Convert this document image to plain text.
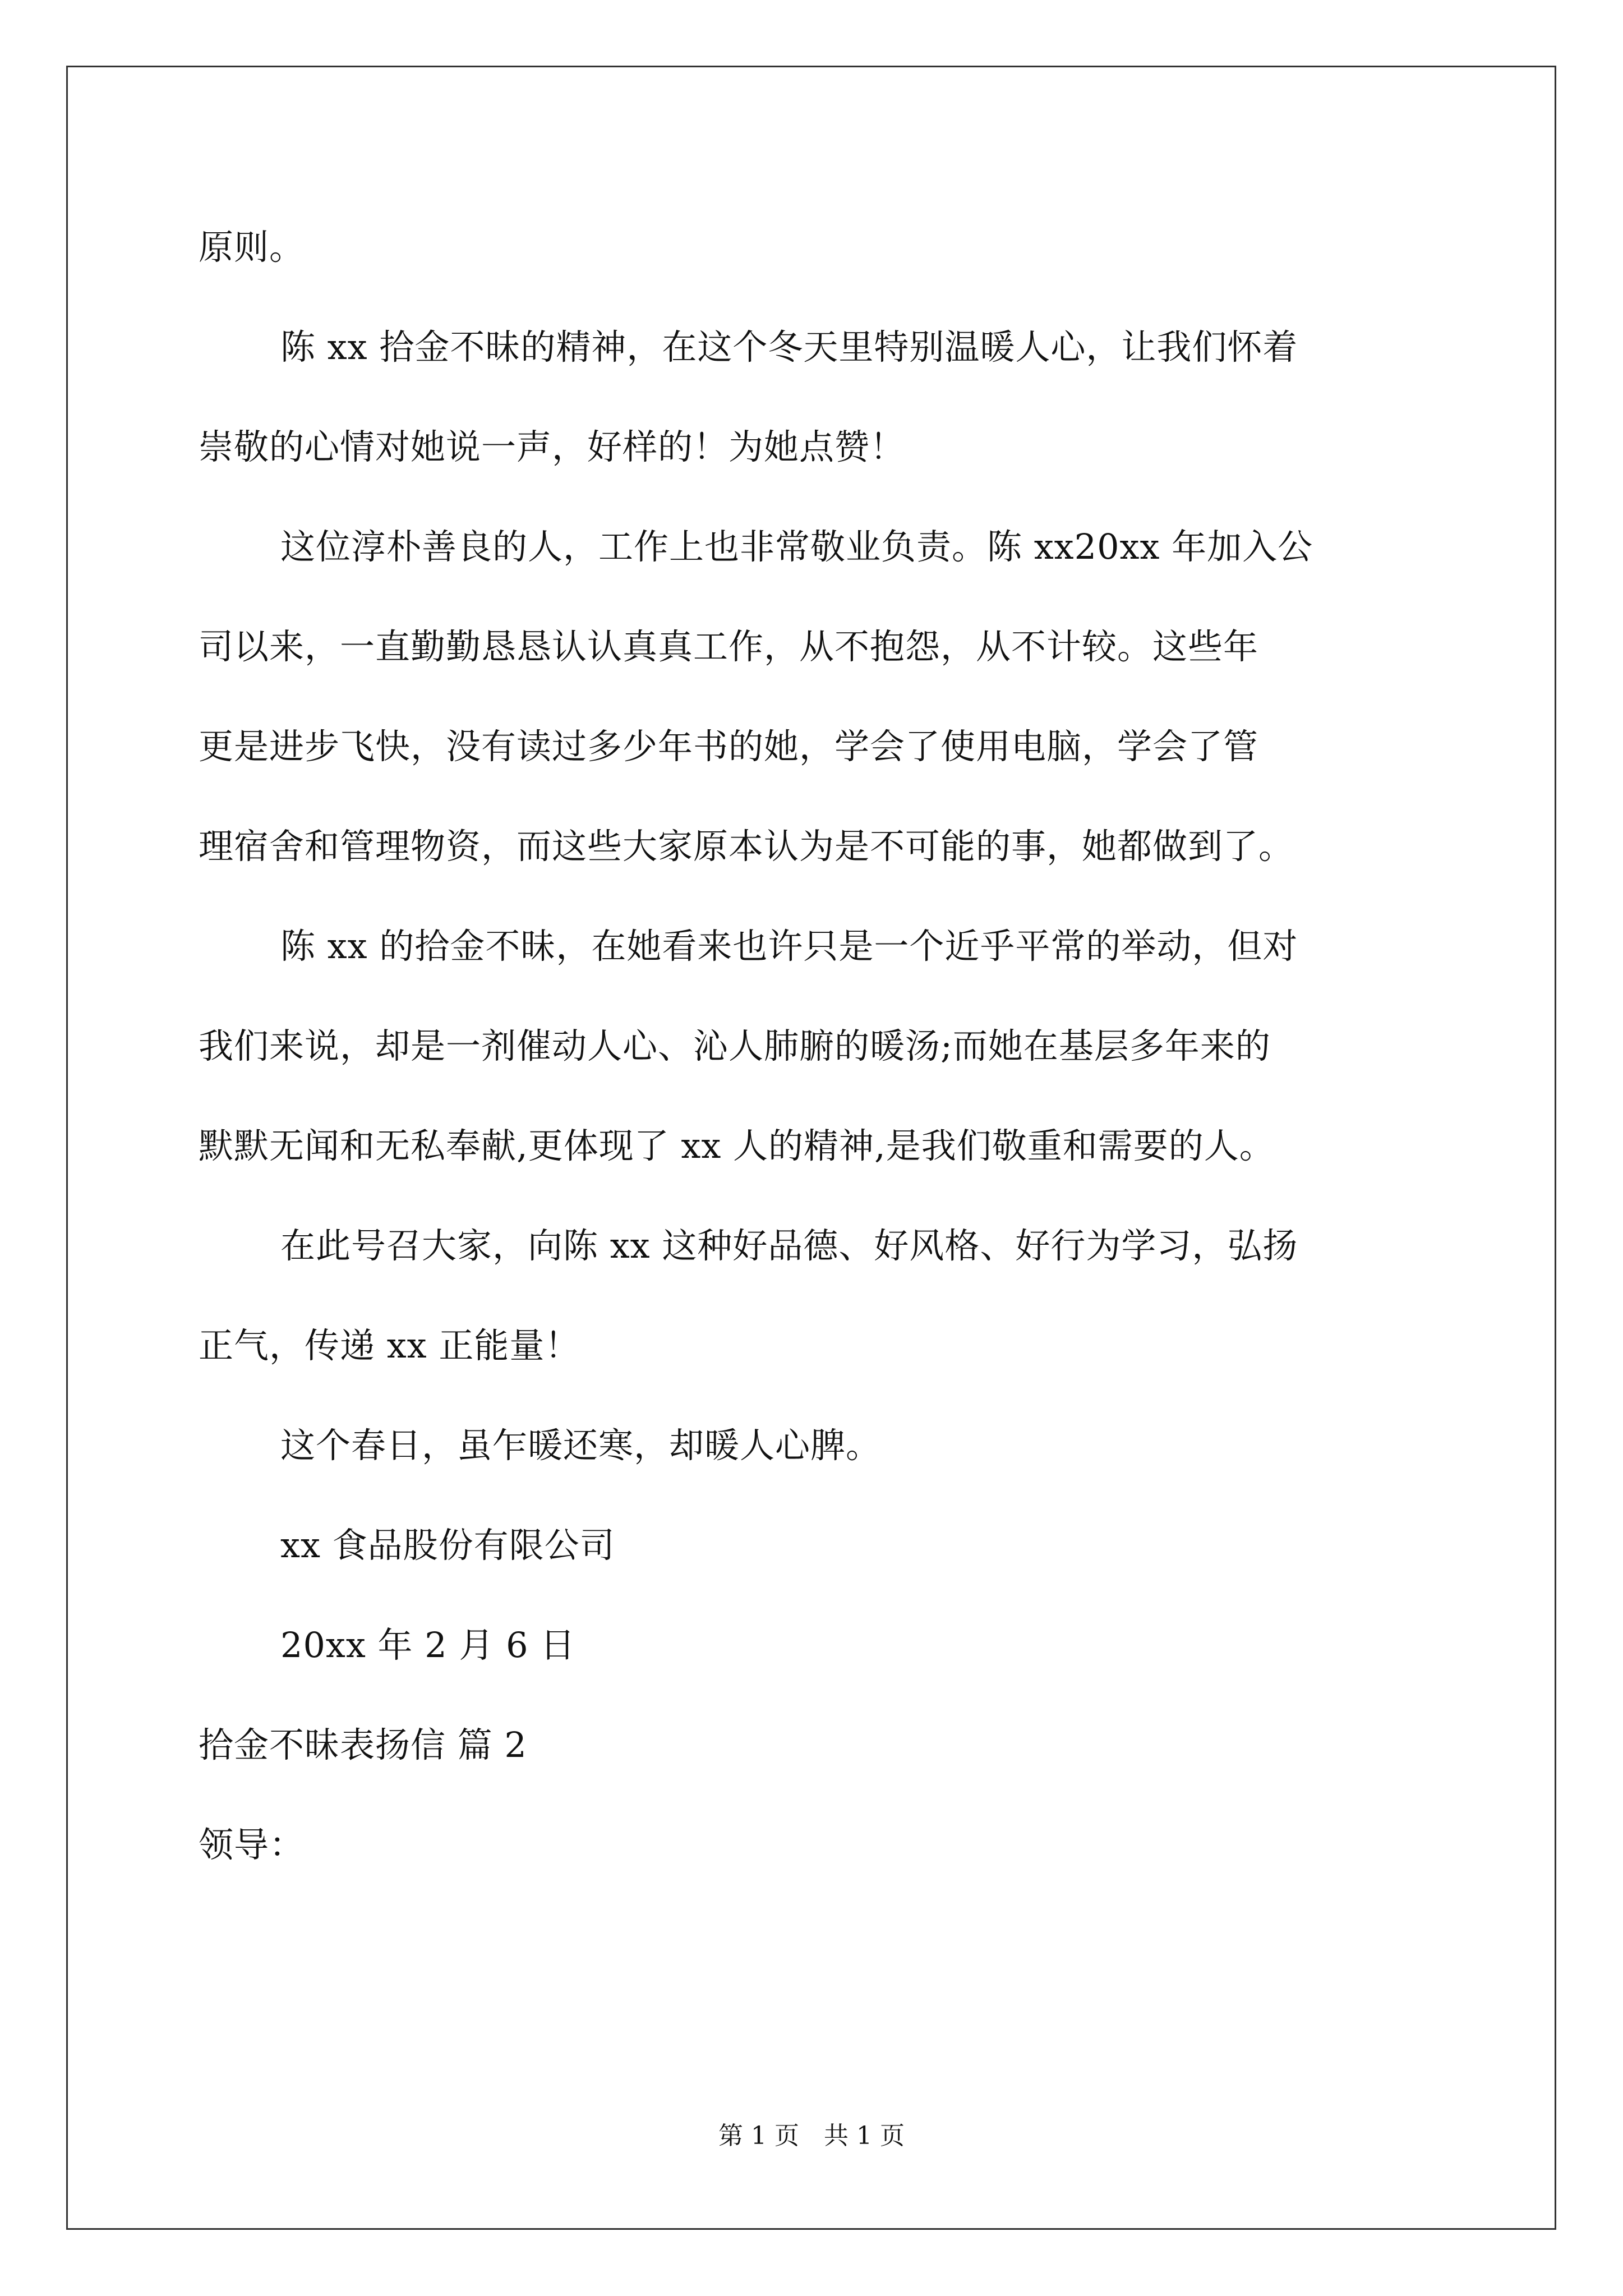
原则。
陈 xx 拾金不昧的精神，在这个冬天里特别温暖人心，让我们怀着
崇敬的心情对她说一声，好样的！为她点赞！
这位淳朴善良的人，工作上也非常敬业负责。陈 xx20xx 年加入公
司以来，一直勤勤恳恳认认真真工作，从不抱怨，从不计较。这些年
更是进步飞快，没有读过多少年书的她，学会了使用电脑，学会了管
理宿舍和管理物资，而这些大家原本认为是不可能的事，她都做到了。
陈 xx 的拾金不昧，在她看来也许只是一个近乎平常的举动，但对
我们来说，却是一剂催动人心、沁人肺腑的暖汤;而她在基层多年来的
默默无闻和无私奉献,更体现了 xx 人的精神,是我们敬重和需要的人。
在此号召大家，向陈 xx 这种好品德、好风格、好行为学习，弘扬
正气，传递 xx 正能量！
这个春日，虽乍暖还寒，却暖人心脾。
xx 食品股份有限公司
20xx 年 2 月 6 日
拾金不昧表扬信 篇 2
领导：
第 1 页　共 1 页
